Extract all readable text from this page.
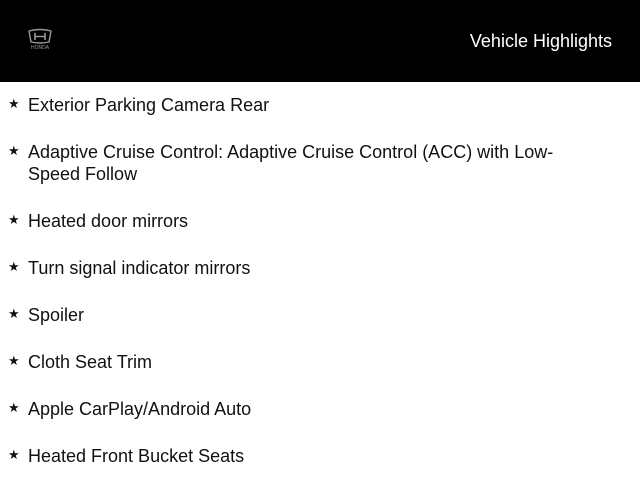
HONDA	Vehicle Highlights
★ Exterior Parking Camera Rear
★ Adaptive Cruise Control: Adaptive Cruise Control (ACC) with Low-Speed Follow
★ Heated door mirrors
★ Turn signal indicator mirrors
★ Spoiler
★ Cloth Seat Trim
★ Apple CarPlay/Android Auto
★ Heated Front Bucket Seats
